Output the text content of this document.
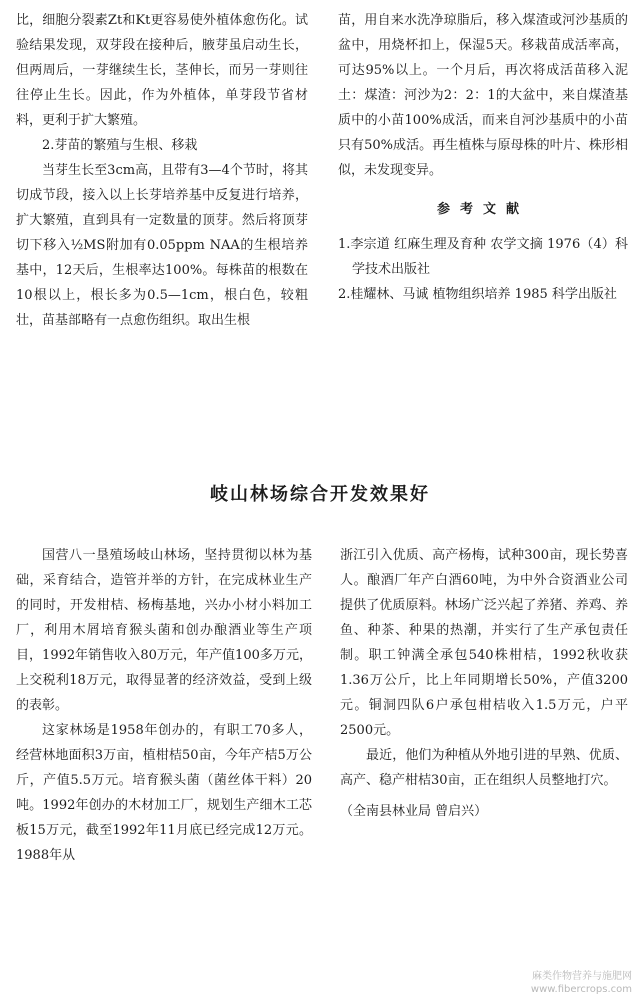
比，细胞分裂素Zt和Kt更容易使外植体愈伤化。试验结果发现，双芽段在接种后，腋芽虽启动生长，但两周后，一芽继续生长，茎伸长，而另一芽则往往停止生长。因此，作为外植体，单芽段节省材料，更利于扩大繁殖。

2.芽苗的繁殖与生根、移栽

当芽生长至3cm高，且带有3—4个节时，将其切成节段，接入以上长芽培养基中反复进行培养，扩大繁殖，直到具有一定数量的顶芽。然后将顶芽切下移入½MS附加有0.05ppm NAA的生根培养基中，12天后，生根率达100%。每株苗的根数在10根以上，根长多为0.5—1cm，根白色，较粗壮，苗基部略有一点愈伤组织。取出生根

苗，用自来水洗净琼脂后，移入煤渣或河沙基质的盆中，用烧杯扣上，保湿5天。移栽苗成活率高，可达95%以上。一个月后，再次将成活苗移入泥土：煤渣：河沙为2：2：1的大盆中，来自煤渣基质中的小苗100%成活，而来自河沙基质中的小苗只有50%成活。再生植株与原母株的叶片、株形相似，未发现变异。

参考文献

1.李宗道 红麻生理及育种 农学文摘 1976（4）科学技术出版社

2.桂耀林、马诚 植物组织培养 1985 科学出版社

岐山林场综合开发效果好

国营八一垦殖场岐山林场，坚持贯彻以林为基础，采育结合，造管并举的方针，在完成林业生产的同时，开发柑桔、杨梅基地，兴办小材小料加工厂，利用木屑培育猴头菌和创办酿酒业等生产项目，1992年销售收入80万元，年产值100多万元，上交税利18万元，取得显著的经济效益，受到上级的表彰。

这家林场是1958年创办的，有职工70多人，经营林地面积3万亩，植柑桔50亩，今年产桔5万公斤，产值5.5万元。培育猴头菌（菌丝体干料）20吨。1992年创办的木材加工厂，规划生产细木工芯板15万元，截至1992年11月底已经完成12万元。1988年从

浙江引入优质、高产杨梅，试种300亩，现长势喜人。酿酒厂年产白酒60吨，为中外合资酒业公司提供了优质原料。林场广泛兴起了养猪、养鸡、养鱼、种茶、种果的热潮，并实行了生产承包责任制。职工钟满全承包540株柑桔，1992秋收获1.36万公斤，比上年同期增长50%，产值3200元。铜洞四队6户承包柑桔收入1.5万元，户平2500元。

最近，他们为种植从外地引进的早熟、优质、高产、稳产柑桔30亩，正在组织人员整地打穴。

（全南县林业局 曾启兴）

麻类作物营养与施肥网
www.fibercrops.com
